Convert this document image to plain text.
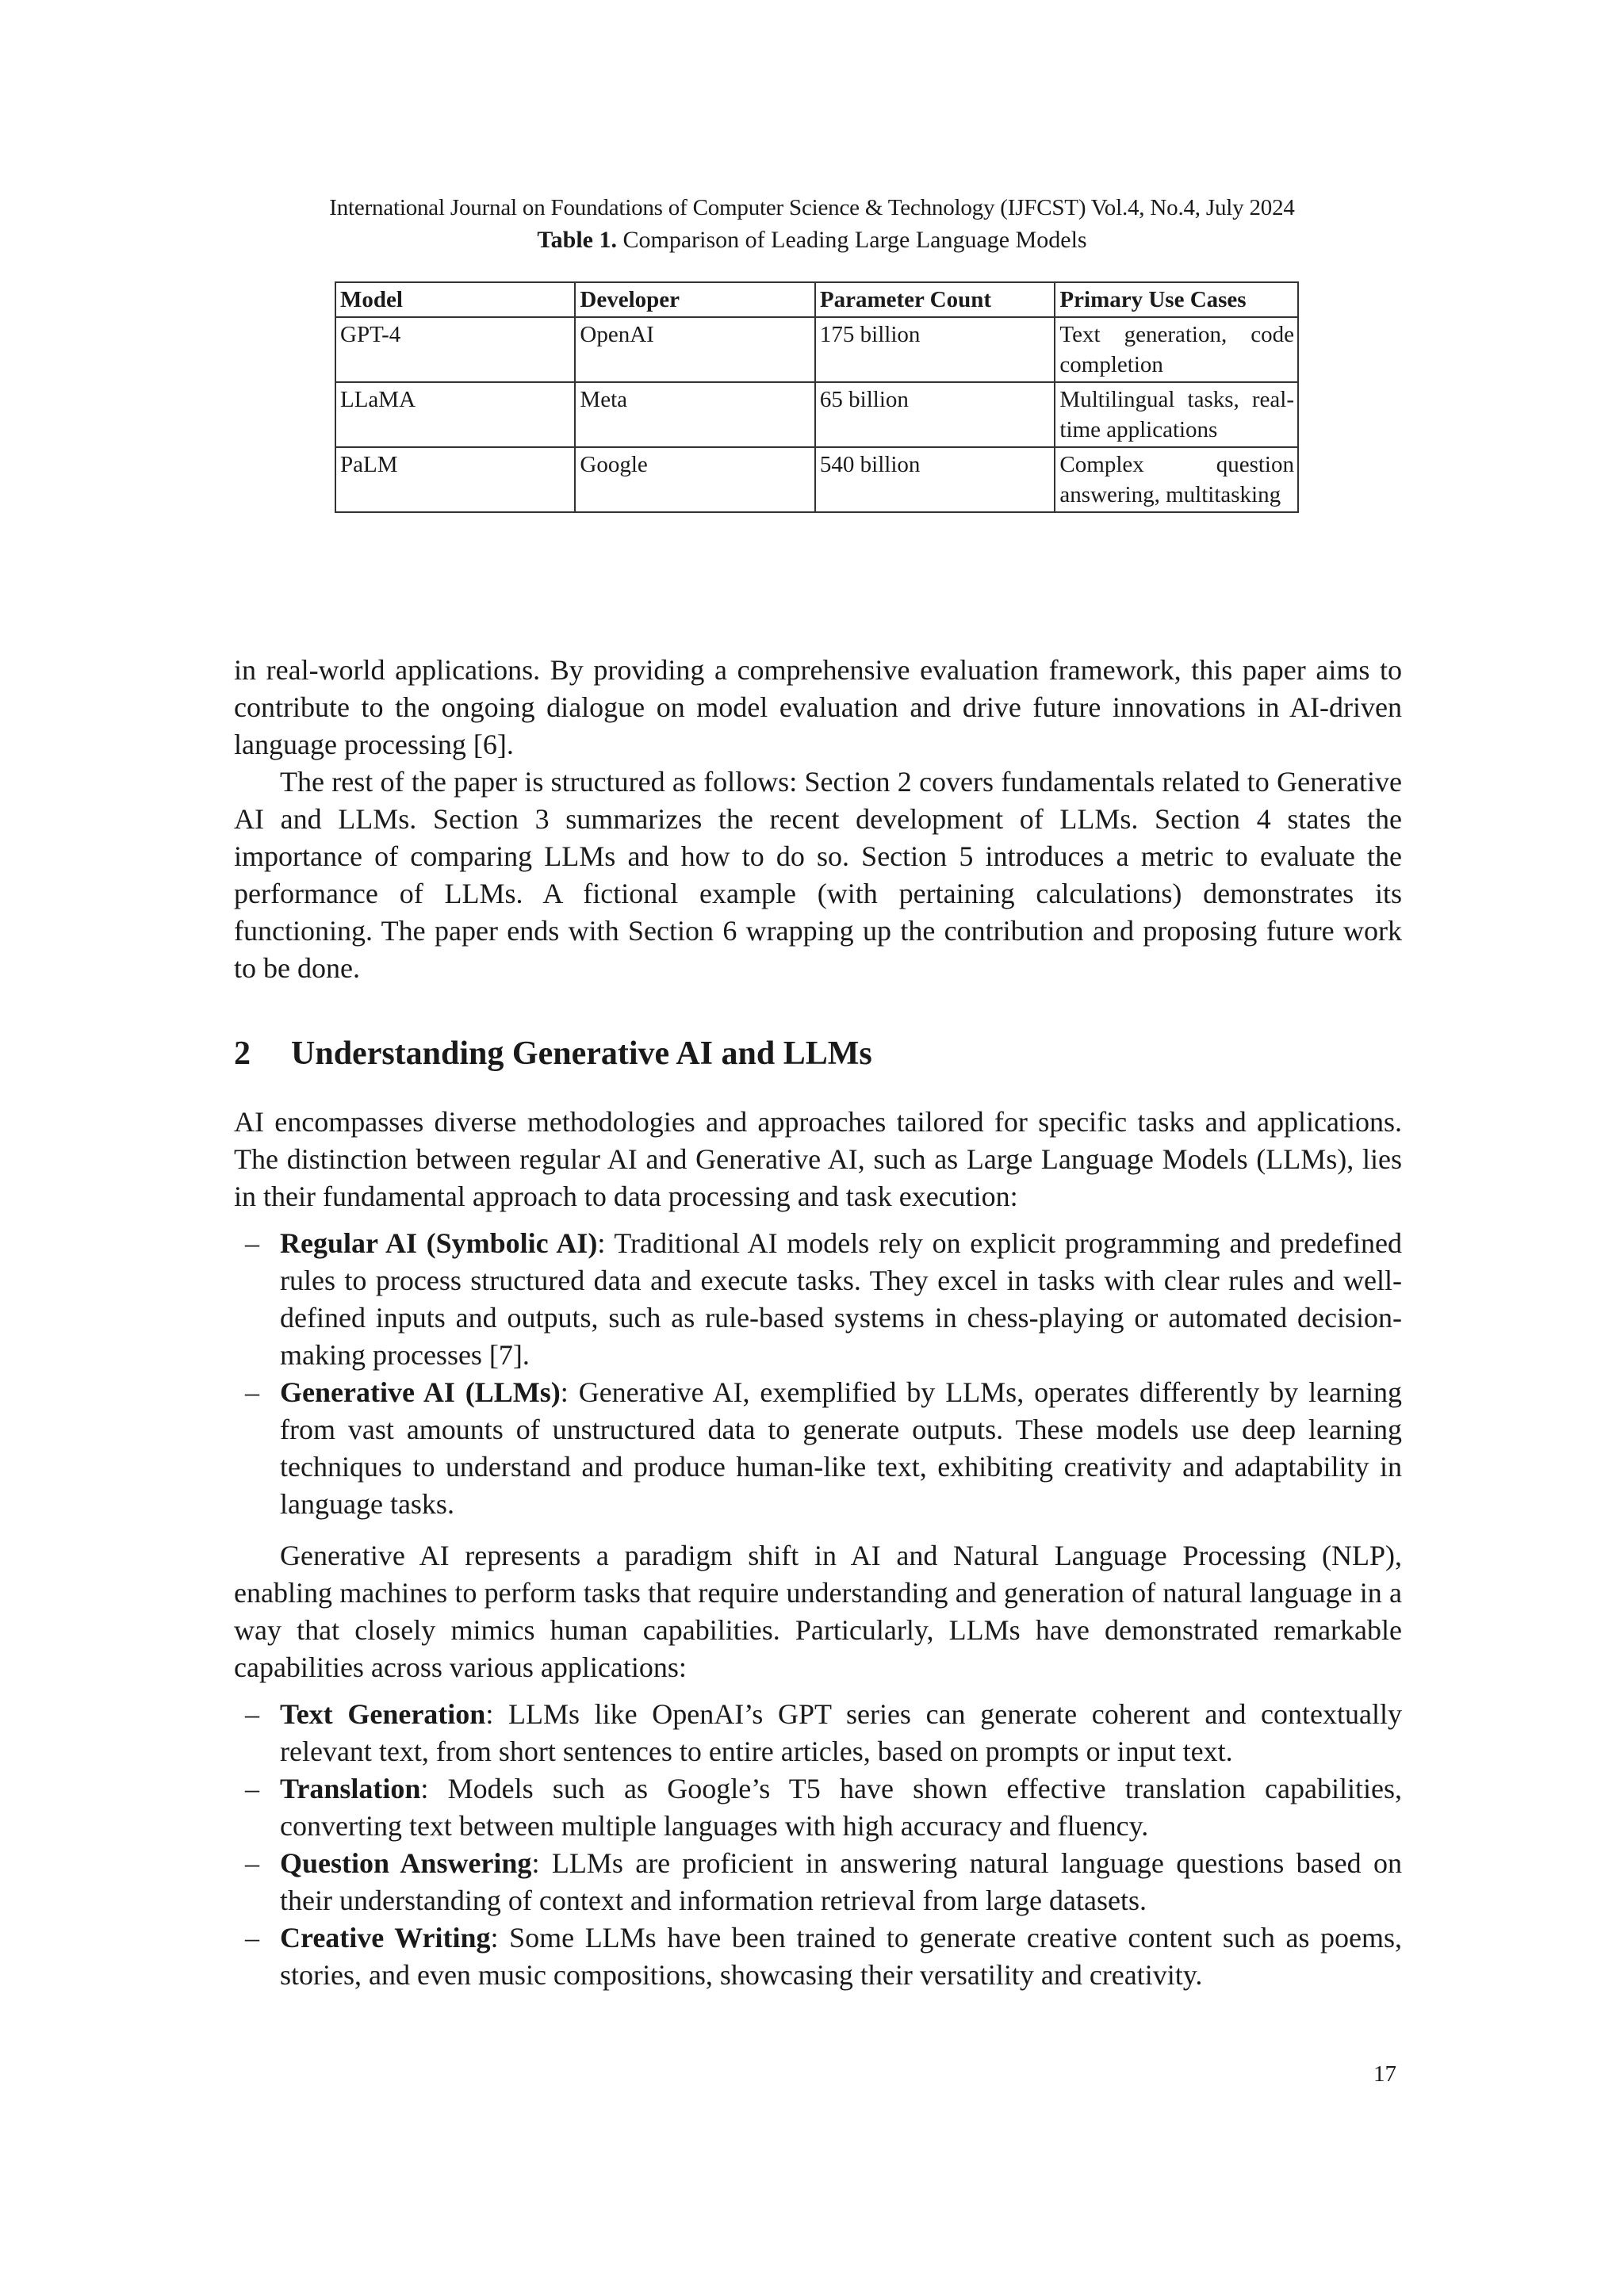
International Journal on Foundations of Computer Science & Technology (IJFCST) Vol.4, No.4, July 2024
Table 1. Comparison of Leading Large Language Models
Model	Developer	Parameter Count	Primary Use Cases
GPT-4	OpenAI	175 billion	Text generation, code completion
LLaMA	Meta	65 billion	Multilingual tasks, real-time applications
PaLM	Google	540 billion	Complex question answering, multitasking

in real-world applications. By providing a comprehensive evaluation framework, this paper aims to contribute to the ongoing dialogue on model evaluation and drive future innovations in AI-driven language processing [6].

The rest of the paper is structured as follows: Section 2 covers fundamentals related to Generative AI and LLMs. Section 3 summarizes the recent development of LLMs. Section 4 states the importance of comparing LLMs and how to do so. Section 5 introduces a metric to evaluate the performance of LLMs. A fictional example (with pertaining calculations) demonstrates its functioning. The paper ends with Section 6 wrapping up the contribution and proposing future work to be done.

2 Understanding Generative AI and LLMs

AI encompasses diverse methodologies and approaches tailored for specific tasks and applications. The distinction between regular AI and Generative AI, such as Large Language Models (LLMs), lies in their fundamental approach to data processing and task execution:

– Regular AI (Symbolic AI): Traditional AI models rely on explicit programming and predefined rules to process structured data and execute tasks. They excel in tasks with clear rules and well-defined inputs and outputs, such as rule-based systems in chess-playing or automated decision-making processes [7].
– Generative AI (LLMs): Generative AI, exemplified by LLMs, operates differently by learning from vast amounts of unstructured data to generate outputs. These models use deep learning techniques to understand and produce human-like text, exhibiting creativity and adaptability in language tasks.

Generative AI represents a paradigm shift in AI and Natural Language Processing (NLP), enabling machines to perform tasks that require understanding and generation of natural language in a way that closely mimics human capabilities. Particularly, LLMs have demonstrated remarkable capabilities across various applications:

– Text Generation: LLMs like OpenAI’s GPT series can generate coherent and contextually relevant text, from short sentences to entire articles, based on prompts or input text.
– Translation: Models such as Google’s T5 have shown effective translation capabilities, converting text between multiple languages with high accuracy and fluency.
– Question Answering: LLMs are proficient in answering natural language questions based on their understanding of context and information retrieval from large datasets.
– Creative Writing: Some LLMs have been trained to generate creative content such as poems, stories, and even music compositions, showcasing their versatility and creativity.
17
